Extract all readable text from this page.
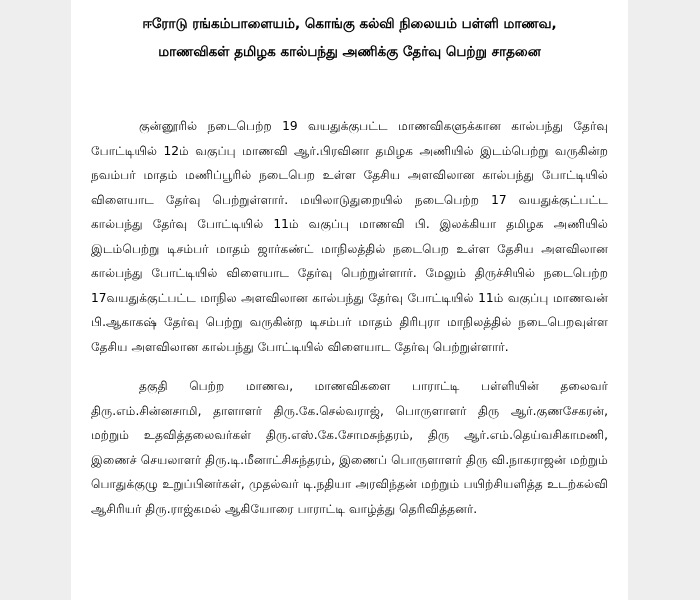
ஈரோடு ரங்கம்பாளையம், கொங்கு கல்வி நிலையம் பள்ளி மாணவ,
மாணவிகள் தமிழக கால்பந்து அணிக்கு தேர்வு பெற்று சாதனை

குன்னூரில் நடைபெற்ற 19 வயதுக்குபட்ட மாணவிகளுக்கான கால்பந்து தேர்வு போட்டியில் 12ம் வகுப்பு மாணவி ஆர்.பிரவினா தமிழக அணியில் இடம்பெற்று வருகின்ற நவம்பர் மாதம் மணிப்பூரில் நடைபெற உள்ள தேசிய அளவிலான கால்பந்து போட்டியில் விளையாட தேர்வு பெற்றுள்ளார். மயிலாடுதுறையில் நடைபெற்ற 17 வயதுக்குட்பட்ட கால்பந்து தேர்வு போட்டியில் 11ம் வகுப்பு மாணவி பி. இலக்கியா தமிழக அணியில் இடம்பெற்று டிசம்பர் மாதம் ஜார்கண்ட் மாநிலத்தில் நடைபெற உள்ள தேசிய அளவிலான கால்பந்து போட்டியில் விளையாட தேர்வு பெற்றுள்ளார். மேலும் திருச்சியில் நடைபெற்ற 17வயதுக்குட்பட்ட மாநில அளவிலான கால்பந்து தேர்வு போட்டியில் 11ம் வகுப்பு மாணவன் பி.ஆகாகஷ் தேர்வு பெற்று வருகின்ற டிசம்பர் மாதம் திரிபுரா மாநிலத்தில் நடைபெறவுள்ள தேசிய அளவிலான கால்பந்து போட்டியில் விளையாட தேர்வு பெற்றுள்ளார்.

தகுதி பெற்ற மாணவ, மாணவிகளை பாராட்டி பள்ளியின் தலைவர் திரு.எம்.சின்னசாமி, தாளாளர் திரு.கே.செல்வராஜ், பொருளாளர் திரு ஆர்.குணசேகரன், மற்றும் உதவித்தலைவர்கள் திரு.எஸ்.கே.சோமசுந்தரம், திரு ஆர்.எம்.தெய்வசிகாமணி, இணைச் செயலாளர் திரு.டி.மீனாட்சிசுந்தரம், இணைப் பொருளாளர் திரு வி.நாகராஜன் மற்றும் பொதுக்குழு உறுப்பினர்கள், முதல்வர் டி.நதியா அரவிந்தன் மற்றும் பயிற்சியளித்த உடற்கல்வி ஆசிரியர் திரு.ராஜ்கமல் ஆகியோரை பாராட்டி வாழ்த்து தெரிவித்தனர்.
